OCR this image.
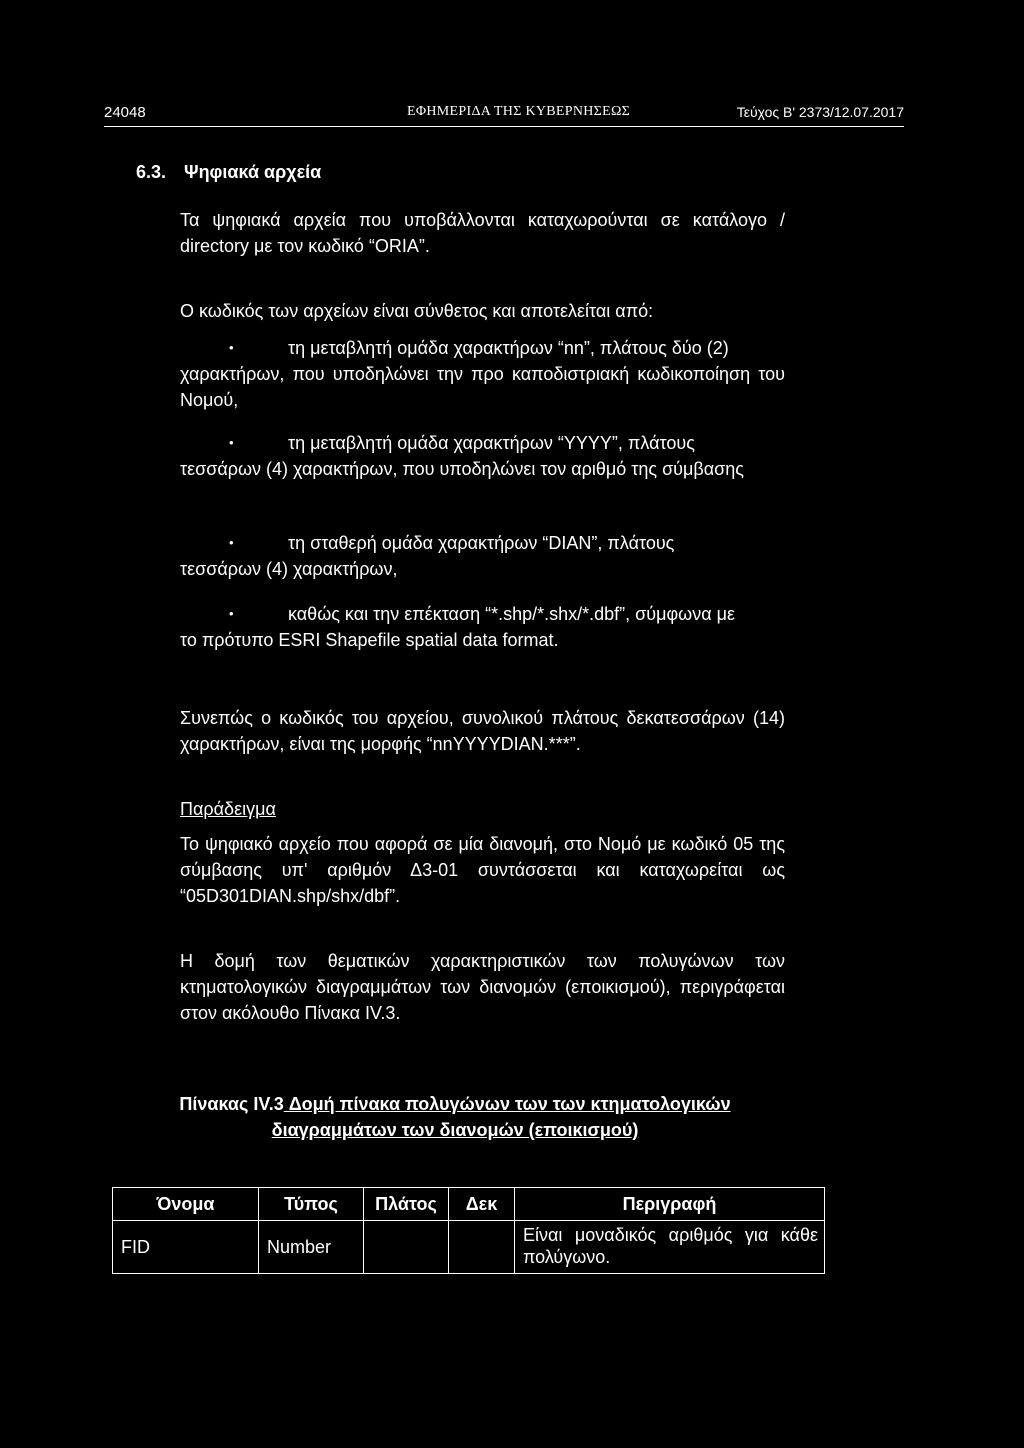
24048	ΕΦΗΜΕΡΙΔΑ ΤΗΣ ΚΥΒΕΡΝΗΣΕΩΣ	Τεύχος Β' 2373/12.07.2017
6.3. Ψηφιακά αρχεία
Τα ψηφιακά αρχεία που υποβάλλονται καταχωρούνται σε κατάλογο / directory με τον κωδικό “ORIA”.
Ο κωδικός των αρχείων είναι σύνθετος και αποτελείται από:
•	τη μεταβλητή ομάδα χαρακτήρων “nn”, πλάτους δύο (2)
χαρακτήρων, που υποδηλώνει την προ καποδιστριακή κωδικοποίηση του Νομού,
•	τη μεταβλητή ομάδα χαρακτήρων “YYYY”, πλάτους
τεσσάρων (4) χαρακτήρων, που υποδηλώνει τον αριθμό της σύμβασης
•	τη σταθερή ομάδα χαρακτήρων “DIAN”, πλάτους
τεσσάρων (4) χαρακτήρων,
•	καθώς και την επέκταση “*.shp/*.shx/*.dbf”, σύμφωνα με
το πρότυπο ESRI Shapefile spatial data format.
Συνεπώς ο κωδικός του αρχείου, συνολικού πλάτους δεκατεσσάρων (14) χαρακτήρων, είναι της μορφής “nnYYYYDIAN.***”.
Παράδειγμα
Το ψηφιακό αρχείο που αφορά σε μία διανομή, στο Νομό με κωδικό 05 της σύμβασης υπ' αριθμόν Δ3-01 συντάσσεται και καταχωρείται ως “05D301DIAN.shp/shx/dbf”.
Η δομή των θεματικών χαρακτηριστικών των πολυγώνων των κτηματολογικών διαγραμμάτων των διανομών (εποικισμού), περιγράφεται στον ακόλουθο Πίνακα IV.3.
Πίνακας IV.3 Δομή πίνακα πολυγώνων των των κτηματολογικών
διαγραμμάτων των διανομών (εποικισμού)
Όνομα	Τύπος	Πλάτος	Δεκ	Περιγραφή
FID	Number			Είναι μοναδικός αριθμός για κάθε πολύγωνο.
